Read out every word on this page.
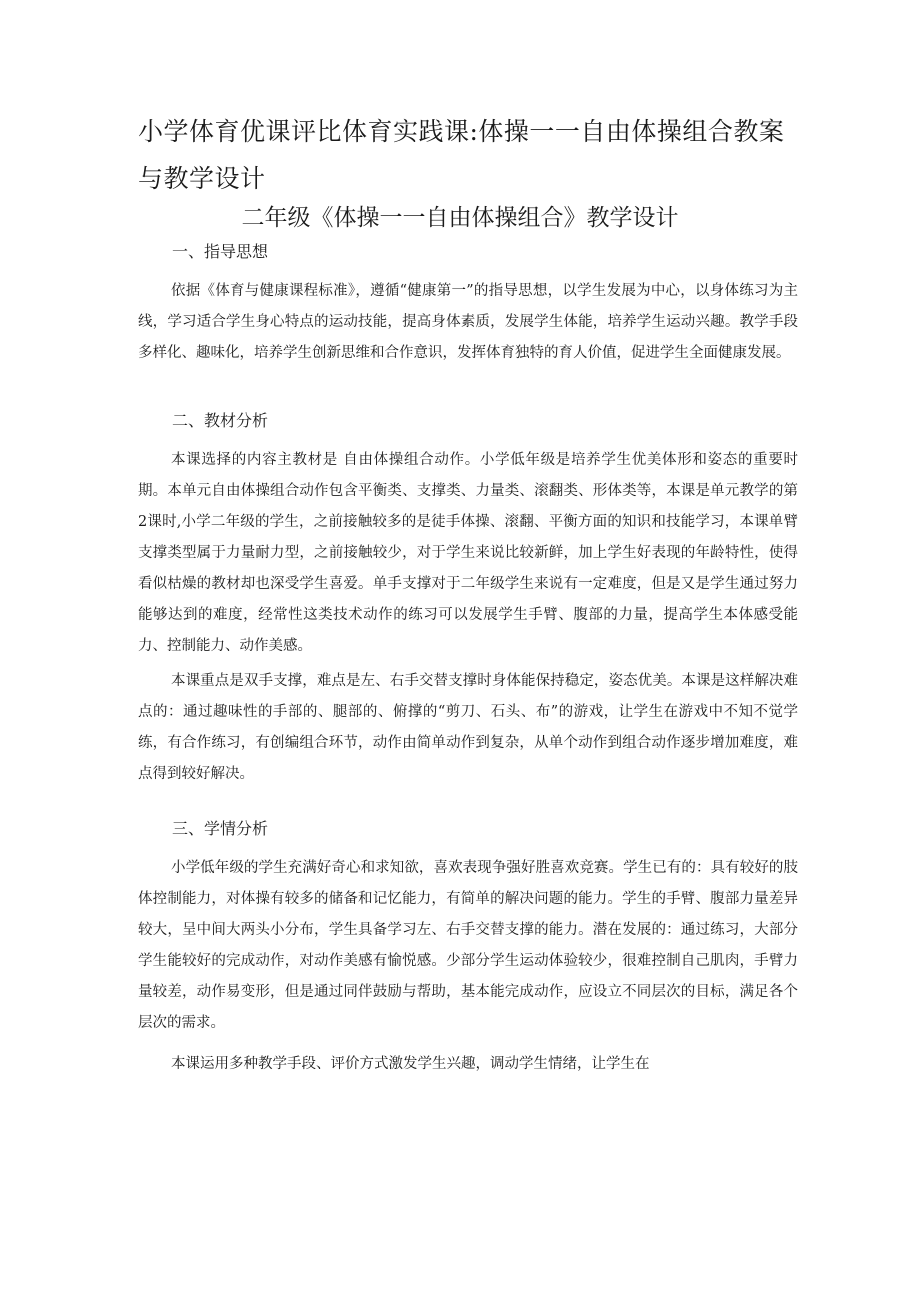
小学体育优课评比体育实践课:体操一一自由体操组合教案与教学设计
二年级《体操一一自由体操组合》教学设计
一、指导思想

依据《体育与健康课程标准》，遵循“健康第一”的指导思想，以学生发展为中心，以身体练习为主线，学习适合学生身心特点的运动技能，提高身体素质，发展学生体能，培养学生运动兴趣。教学手段多样化、趣味化，培养学生创新思维和合作意识，发挥体育独特的育人价值，促进学生全面健康发展。

二、教材分析

本课选择的内容主教材是 自由体操组合动作。小学低年级是培养学生优美体形和姿态的重要时期。本单元自由体操组合动作包含平衡类、支撑类、力量类、滚翻类、形体类等，本课是单元教学的第2课时,小学二年级的学生，之前接触较多的是徒手体操、滚翻、平衡方面的知识和技能学习，本课单臂支撑类型属于力量耐力型，之前接触较少，对于学生来说比较新鲜，加上学生好表现的年龄特性，使得看似枯燥的教材却也深受学生喜爱。单手支撑对于二年级学生来说有一定难度，但是又是学生通过努力能够达到的难度，经常性这类技术动作的练习可以发展学生手臂、腹部的力量，提高学生本体感受能力、控制能力、动作美感。

本课重点是双手支撑，难点是左、右手交替支撑时身体能保持稳定，姿态优美。本课是这样解决难点的：通过趣味性的手部的、腿部的、俯撑的“剪刀、石头、布”的游戏，让学生在游戏中不知不觉学练，有合作练习，有创编组合环节，动作由简单动作到复杂，从单个动作到组合动作逐步增加难度，难点得到较好解决。

三、学情分析

小学低年级的学生充满好奇心和求知欲，喜欢表现争强好胜喜欢竞赛。学生已有的：具有较好的肢体控制能力，对体操有较多的储备和记忆能力，有简单的解决问题的能力。学生的手臂、腹部力量差异较大，呈中间大两头小分布，学生具备学习左、右手交替支撑的能力。潜在发展的：通过练习，大部分学生能较好的完成动作，对动作美感有愉悦感。少部分学生运动体验较少，很难控制自己肌肉，手臂力量较差，动作易变形，但是通过同伴鼓励与帮助，基本能完成动作，应设立不同层次的目标，满足各个层次的需求。

本课运用多种教学手段、评价方式激发学生兴趣，调动学生情绪，让学生在
